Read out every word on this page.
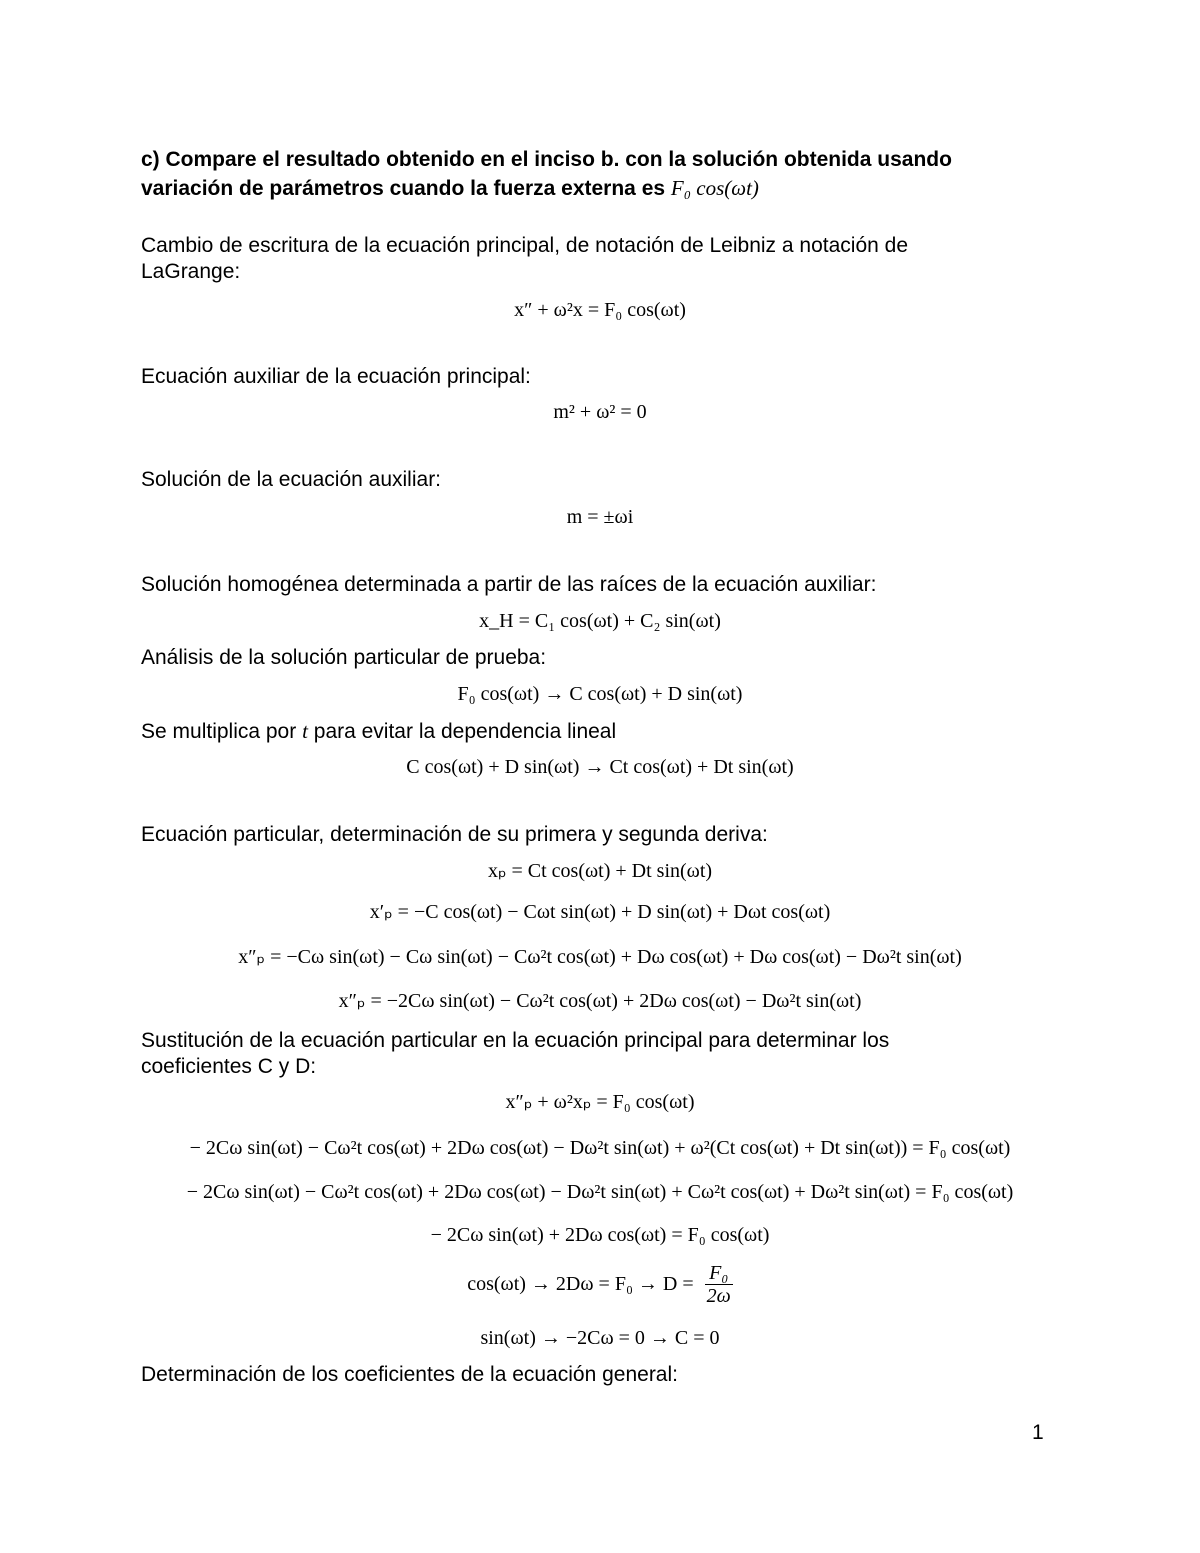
c) Compare el resultado obtenido en el inciso b. con la solución obtenida usando
variación de parámetros cuando la fuerza externa es F₀ cos(ωt)
Cambio de escritura de la ecuación principal, de notación de Leibniz a notación de
LaGrange:
x″ + ω²x = F₀ cos(ωt)
Ecuación auxiliar de la ecuación principal:
m² + ω² = 0
Solución de la ecuación auxiliar:
m = ±ωi
Solución homogénea determinada a partir de las raíces de la ecuación auxiliar:
x_H = C₁ cos(ωt) + C₂ sin(ωt)
Análisis de la solución particular de prueba:
F₀ cos(ωt) → C cos(ωt) + D sin(ωt)
Se multiplica por t para evitar la dependencia lineal
C cos(ωt) + D sin(ωt) → Ct cos(ωt) + Dt sin(ωt)
Ecuación particular, determinación de su primera y segunda deriva:
xₚ = Ct cos(ωt) + Dt sin(ωt)
x′ₚ = −C cos(ωt) − Cωt sin(ωt) + D sin(ωt) + Dωt cos(ωt)
x″ₚ = −Cω sin(ωt) − Cω sin(ωt) − Cω²t cos(ωt) + Dω cos(ωt) + Dω cos(ωt) − Dω²t sin(ωt)
x″ₚ = −2Cω sin(ωt) − Cω²t cos(ωt) + 2Dω cos(ωt) − Dω²t sin(ωt)
Sustitución de la ecuación particular en la ecuación principal para determinar los
coeficientes C y D:
x″ₚ + ω²xₚ = F₀ cos(ωt)
− 2Cω sin(ωt) − Cω²t cos(ωt) + 2Dω cos(ωt) − Dω²t sin(ωt) + ω²(Ct cos(ωt) + Dt sin(ωt)) = F₀ cos(ωt)
− 2Cω sin(ωt) − Cω²t cos(ωt) + 2Dω cos(ωt) − Dω²t sin(ωt) + Cω²t cos(ωt) + Dω²t sin(ωt) = F₀ cos(ωt)
− 2Cω sin(ωt) + 2Dω cos(ωt) = F₀ cos(ωt)
$\cos(\omega t) \to 2D\omega = F_0 \to D = \frac{\text{F₀}}{2\omega}$
sin(ωt) → −2Cω = 0 → C = 0
Determinación de los coeficientes de la ecuación general:
1
